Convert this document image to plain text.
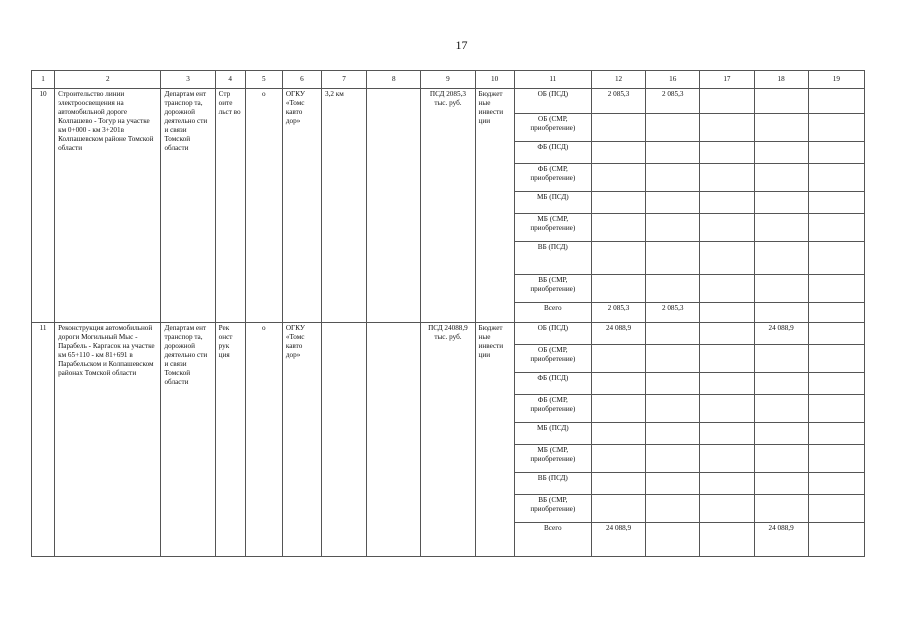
17
1	2	3	4	5	6	7	8	9	10	11	12	16	17	18	19
10	Строительство линии электроосвещения на автомобильной дороге Колпашево - Тогур на участке км 0+000 - км 3+201в Колпашевском районе Томской области	Департам ент транспор та, дорожной деятельно сти и связи Томской области	Стр оите льст во	о	ОГКУ «Томс кавто дор»	3,2 км		ПСД 2085,3 тыс. руб.	Бюджет ные инвести ции	ОБ (ПСД)	2 085,3	2 085,3			
										ОБ (СМР, приобретение)					
										ФБ (ПСД)					
										ФБ (СМР, приобретение)					
										МБ (ПСД)					
										МБ (СМР, приобретение)					
										ВБ (ПСД)					
										ВБ (СМР, приобретение)					
										Всего	2 085,3	2 085,3			
11	Реконструкция автомобильной дороги Могильный Мыс - Парабель - Каргасок на участке км 65+110 - км 81+691 в Парабельском и Колпашевском районах Томской области	Департам ент транспор та, дорожной деятельно сти и связи Томской области	Рек онст рук ция	о	ОГКУ «Томс кавто дор»			ПСД 24088,9 тыс. руб.	Бюджет ные инвести ции	ОБ (ПСД)	24 088,9			24 088,9	
										ОБ (СМР, приобретение)					
										ФБ (ПСД)					
										ФБ (СМР, приобретение)					
										МБ (ПСД)					
										МБ (СМР, приобретение)					
										ВБ (ПСД)					
										ВБ (СМР, приобретение)					
										Всего	24 088,9			24 088,9	
